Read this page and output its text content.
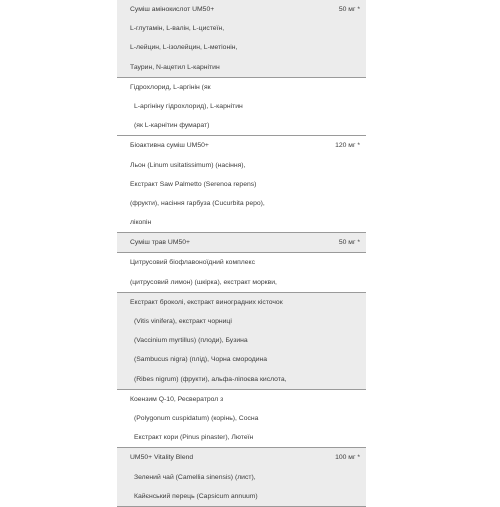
Суміш амінокислот UM50+	50 мг *
L-глутамін, L-валін, L-цистеїн,
L-лейцин, L-ізолейцин, L-метіонін,
Таурин, N-ацетил L-карнітин
Гідрохлорид, L-аргінін (як
L-аргініну гідрохлорид), L-карнітин
(як L-карнітин фумарат)
Біоактивна суміш UM50+	120 мг *
Льон (Linum usitatissimum) (насіння),
Екстракт Saw Palmetto (Serenoa repens)
(фрукти), насіння гарбуза (Cucurbita pepo),
лікопін
Суміш трав UM50+	50 мг *
Цитрусовий біофлавоноїдний комплекс
(цитрусовий лимон) (шкірка), екстракт моркви,
Екстракт броколі, екстракт виноградних кісточок
(Vitis vinifera), екстракт чорниці
(Vaccinium myrtillus) (плоди), Бузина
(Sambucus nigra) (плід), Чорна смородина
(Ribes nigrum) (фрукти), альфа-ліпоєва кислота,
Коензим Q-10, Ресвератрол з
(Polygonum cuspidatum) (корінь), Сосна
Екстракт кори (Pinus pinaster), Лютеїн
UM50+ Vitality Blend	100 мг *
Зелений чай (Camellia sinensis) (лист),
Кайєнський перець (Capsicum annuum)
